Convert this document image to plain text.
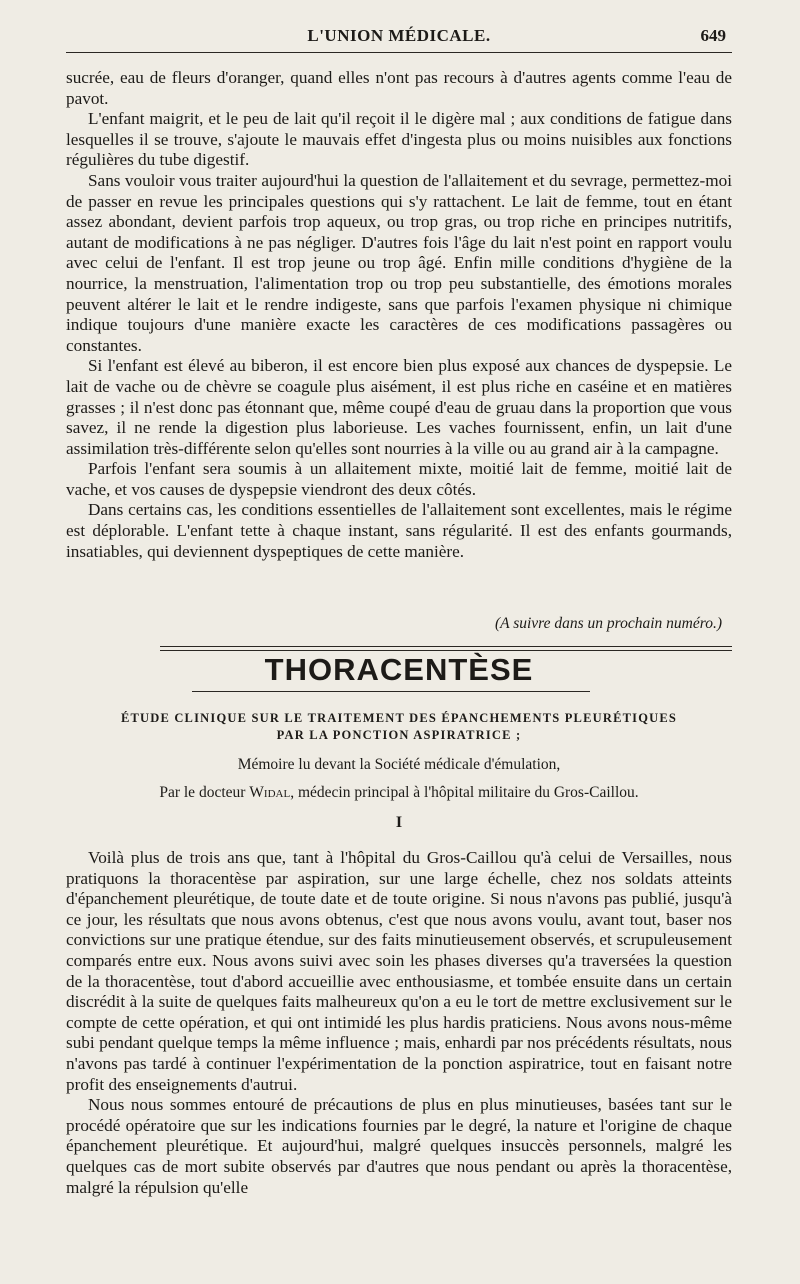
L'UNION MÉDICALE.	649

sucrée, eau de fleurs d'oranger, quand elles n'ont pas recours à d'autres agents comme l'eau de pavot.

L'enfant maigrit, et le peu de lait qu'il reçoit il le digère mal ; aux conditions de fatigue dans lesquelles il se trouve, s'ajoute le mauvais effet d'ingesta plus ou moins nuisibles aux fonctions régulières du tube digestif.

Sans vouloir vous traiter aujourd'hui la question de l'allaitement et du sevrage, permettez-moi de passer en revue les principales questions qui s'y rattachent. Le lait de femme, tout en étant assez abondant, devient parfois trop aqueux, ou trop gras, ou trop riche en principes nutritifs, autant de modifications à ne pas négliger. D'autres fois l'âge du lait n'est point en rapport voulu avec celui de l'enfant. Il est trop jeune ou trop âgé. Enfin mille conditions d'hygiène de la nourrice, la menstruation, l'alimentation trop ou trop peu substantielle, des émotions morales peuvent altérer le lait et le rendre indigeste, sans que parfois l'examen physique ni chimique indique toujours d'une manière exacte les caractères de ces modifications passagères ou constantes.

Si l'enfant est élevé au biberon, il est encore bien plus exposé aux chances de dyspepsie. Le lait de vache ou de chèvre se coagule plus aisément, il est plus riche en caséine et en matières grasses ; il n'est donc pas étonnant que, même coupé d'eau de gruau dans la proportion que vous savez, il ne rende la digestion plus laborieuse. Les vaches fournissent, enfin, un lait d'une assimilation très-différente selon qu'elles sont nourries à la ville ou au grand air à la campagne.

Parfois l'enfant sera soumis à un allaitement mixte, moitié lait de femme, moitié lait de vache, et vos causes de dyspepsie viendront des deux côtés.

Dans certains cas, les conditions essentielles de l'allaitement sont excellentes, mais le régime est déplorable. L'enfant tette à chaque instant, sans régularité. Il est des enfants gourmands, insatiables, qui deviennent dyspeptiques de cette manière.

(A suivre dans un prochain numéro.)
THORACENTÈSE
ÉTUDE CLINIQUE SUR LE TRAITEMENT DES ÉPANCHEMENTS PLEURÉTIQUES
PAR LA PONCTION ASPIRATRICE ;
Mémoire lu devant la Société médicale d'émulation,
Par le docteur Widal, médecin principal à l'hôpital militaire du Gros-Caillou.
I

Voilà plus de trois ans que, tant à l'hôpital du Gros-Caillou qu'à celui de Versailles, nous pratiquons la thoracentèse par aspiration, sur une large échelle, chez nos soldats atteints d'épanchement pleurétique, de toute date et de toute origine. Si nous n'avons pas publié, jusqu'à ce jour, les résultats que nous avons obtenus, c'est que nous avons voulu, avant tout, baser nos convictions sur une pratique étendue, sur des faits minutieusement observés, et scrupuleusement comparés entre eux. Nous avons suivi avec soin les phases diverses qu'a traversées la question de la thoracentèse, tout d'abord accueillie avec enthousiasme, et tombée ensuite dans un certain discrédit à la suite de quelques faits malheureux qu'on a eu le tort de mettre exclusivement sur le compte de cette opération, et qui ont intimidé les plus hardis praticiens. Nous avons nous-même subi pendant quelque temps la même influence ; mais, enhardi par nos précédents résultats, nous n'avons pas tardé à continuer l'expérimentation de la ponction aspiratrice, tout en faisant notre profit des enseignements d'autrui.

Nous nous sommes entouré de précautions de plus en plus minutieuses, basées tant sur le procédé opératoire que sur les indications fournies par le degré, la nature et l'origine de chaque épanchement pleurétique. Et aujourd'hui, malgré quelques insuccès personnels, malgré les quelques cas de mort subite observés par d'autres que nous pendant ou après la thoracentèse, malgré la répulsion qu'elle
